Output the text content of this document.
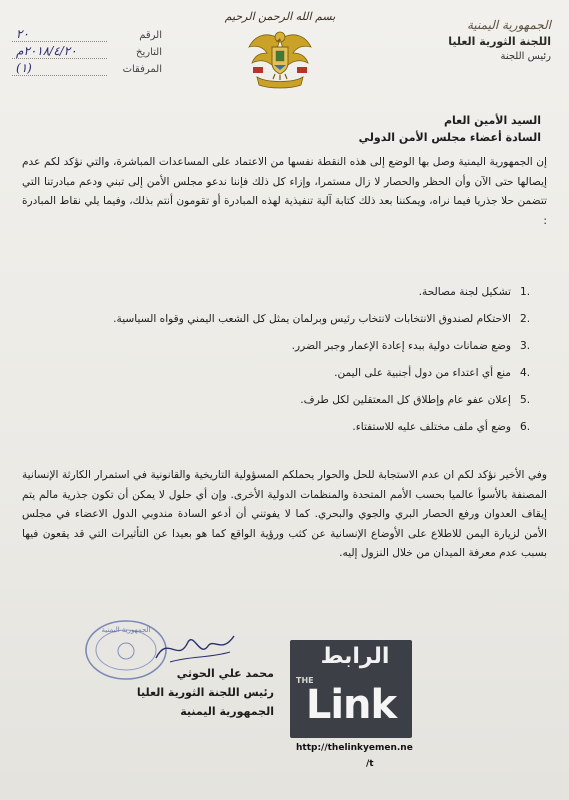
الجمهورية اليمنية
اللجنة الثورية العليا
رئيس اللجنة
بسم الله الرحمن الرحيم
الرقم
٢٠
التاريخ
٢٠١٨/٤/٢٠م
المرفقات
(١)
السيد الأمين العام
السادة أعضاء مجلس الأمن الدولي
إن الجمهورية اليمنية وصل بها الوضع إلى هذه النقطة نفسها من الاعتماد على المساعدات المباشرة، والتي نؤكد لكم عدم إيصالها حتى الآن وأن الحظر والحصار لا زال مستمرا، وإزاء كل ذلك فإننا ندعو مجلس الأمن إلى تبني ودعم مبادرتنا التي تتضمن حلا جذريا فيما نراه، ويمكننا بعد ذلك كتابة آلية تنفيذية لهذه المبادرة أو تقومون أنتم بذلك، وفيما يلي نقاط المبادرة :
.1
تشكيل لجنة مصالحة.
.2
الاحتكام لصندوق الانتخابات لانتخاب رئيس وبرلمان يمثل كل الشعب اليمني وقواه السياسية.
.3
وضع ضمانات دولية ببدء إعادة الإعمار وجبر الضرر.
.4
منع أي اعتداء من دول أجنبية على اليمن.
.5
إعلان عفو عام وإطلاق كل المعتقلين لكل طرف.
.6
وضع أي ملف مختلف عليه للاستفتاء.
وفي الأخير نؤكد لكم ان عدم الاستجابة للحل والحوار يحملكم المسؤولية التاريخية والقانونية في استمرار الكارثة الإنسانية المصنفة بالأسوأ عالميا بحسب الأمم المتحدة والمنظمات الدولية الأخرى. وإن أي حلول لا يمكن أن تكون جذرية مالم يتم إيقاف العدوان ورفع الحصار البري والجوي والبحري. كما لا يفوتني أن أدعو السادة مندوبي الدول الاعضاء في مجلس الأمن لزيارة اليمن للاطلاع على الأوضاع الإنسانية عن كثب ورؤية الواقع كما هو بعيدا عن التأثيرات التي قد يقعون فيها بسبب عدم معرفة الميدان من خلال النزول إليه.
الجمهورية اليمنية
محمد علي الحوثي
رئيس اللجنة الثورية العليا
الجمهورية اليمنية
الرابط
THE
Link
http://thelinkyemen.ne
/t
